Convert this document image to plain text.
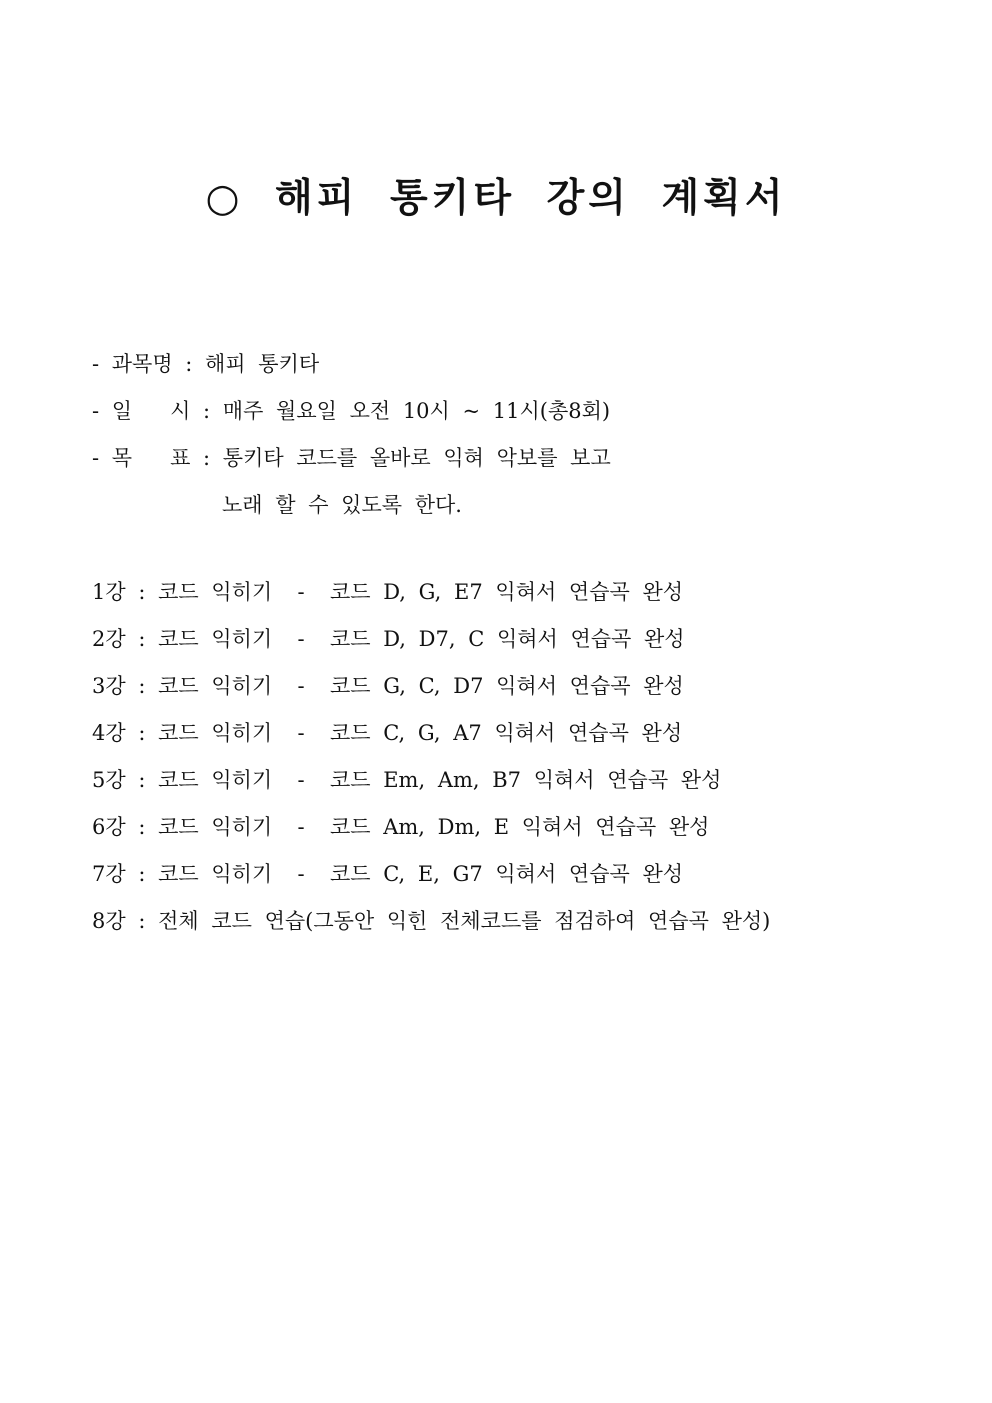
○ 해피 통키타 강의 계획서
- 과목명 : 해피 통키타
- 일   시 : 매주 월요일 오전 10시 ~ 11시(총8회)
- 목   표 : 통키타 코드를 올바로 익혀 악보를 보고
노래 할 수 있도록 한다.
1강 : 코드 익히기  -  코드 D, G, E7 익혀서 연습곡 완성
2강 : 코드 익히기  -  코드 D, D7, C 익혀서 연습곡 완성
3강 : 코드 익히기  -  코드 G, C, D7 익혀서 연습곡 완성
4강 : 코드 익히기  -  코드 C, G, A7 익혀서 연습곡 완성
5강 : 코드 익히기  -  코드 Em, Am, B7 익혀서 연습곡 완성
6강 : 코드 익히기  -  코드 Am, Dm, E 익혀서 연습곡 완성
7강 : 코드 익히기  -  코드 C, E, G7 익혀서 연습곡 완성
8강 : 전체 코드 연습(그동안 익힌 전체코드를 점검하여 연습곡 완성)
